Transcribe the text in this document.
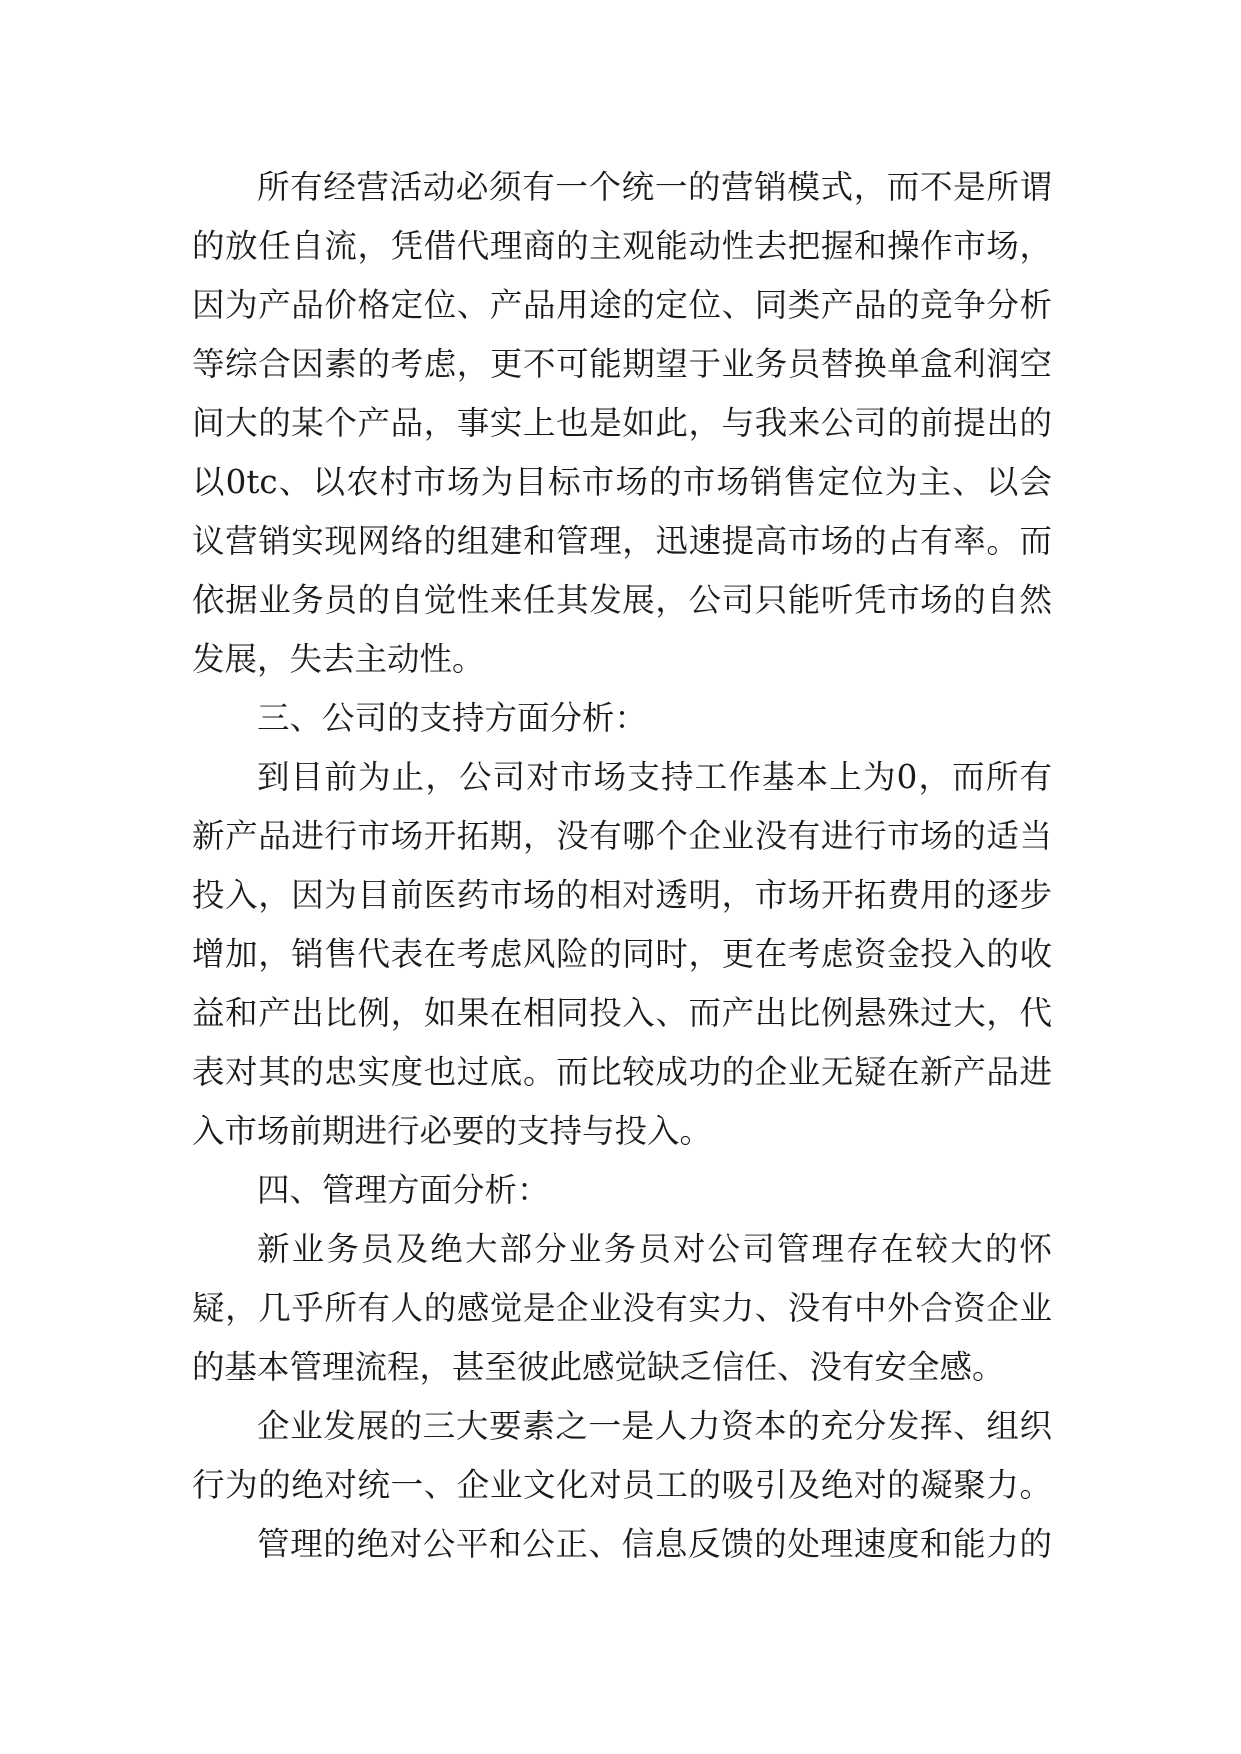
所有经营活动必须有一个统一的营销模式，而不是所谓
的放任自流，凭借代理商的主观能动性去把握和操作市场，
因为产品价格定位、产品用途的定位、同类产品的竞争分析
等综合因素的考虑，更不可能期望于业务员替换单盒利润空
间大的某个产品，事实上也是如此，与我来公司的前提出的
以0tc、以农村市场为目标市场的市场销售定位为主、以会
议营销实现网络的组建和管理，迅速提高市场的占有率。而
依据业务员的自觉性来任其发展，公司只能听凭市场的自然
发展，失去主动性。
三、公司的支持方面分析：
到目前为止，公司对市场支持工作基本上为0，而所有
新产品进行市场开拓期，没有哪个企业没有进行市场的适当
投入，因为目前医药市场的相对透明，市场开拓费用的逐步
增加，销售代表在考虑风险的同时，更在考虑资金投入的收
益和产出比例，如果在相同投入、而产出比例悬殊过大，代
表对其的忠实度也过底。而比较成功的企业无疑在新产品进
入市场前期进行必要的支持与投入。
四、管理方面分析：
新业务员及绝大部分业务员对公司管理存在较大的怀
疑，几乎所有人的感觉是企业没有实力、没有中外合资企业
的基本管理流程，甚至彼此感觉缺乏信任、没有安全感。
企业发展的三大要素之一是人力资本的充分发挥、组织
行为的绝对统一、企业文化对员工的吸引及绝对的凝聚力。
管理的绝对公平和公正、信息反馈的处理速度和能力的
